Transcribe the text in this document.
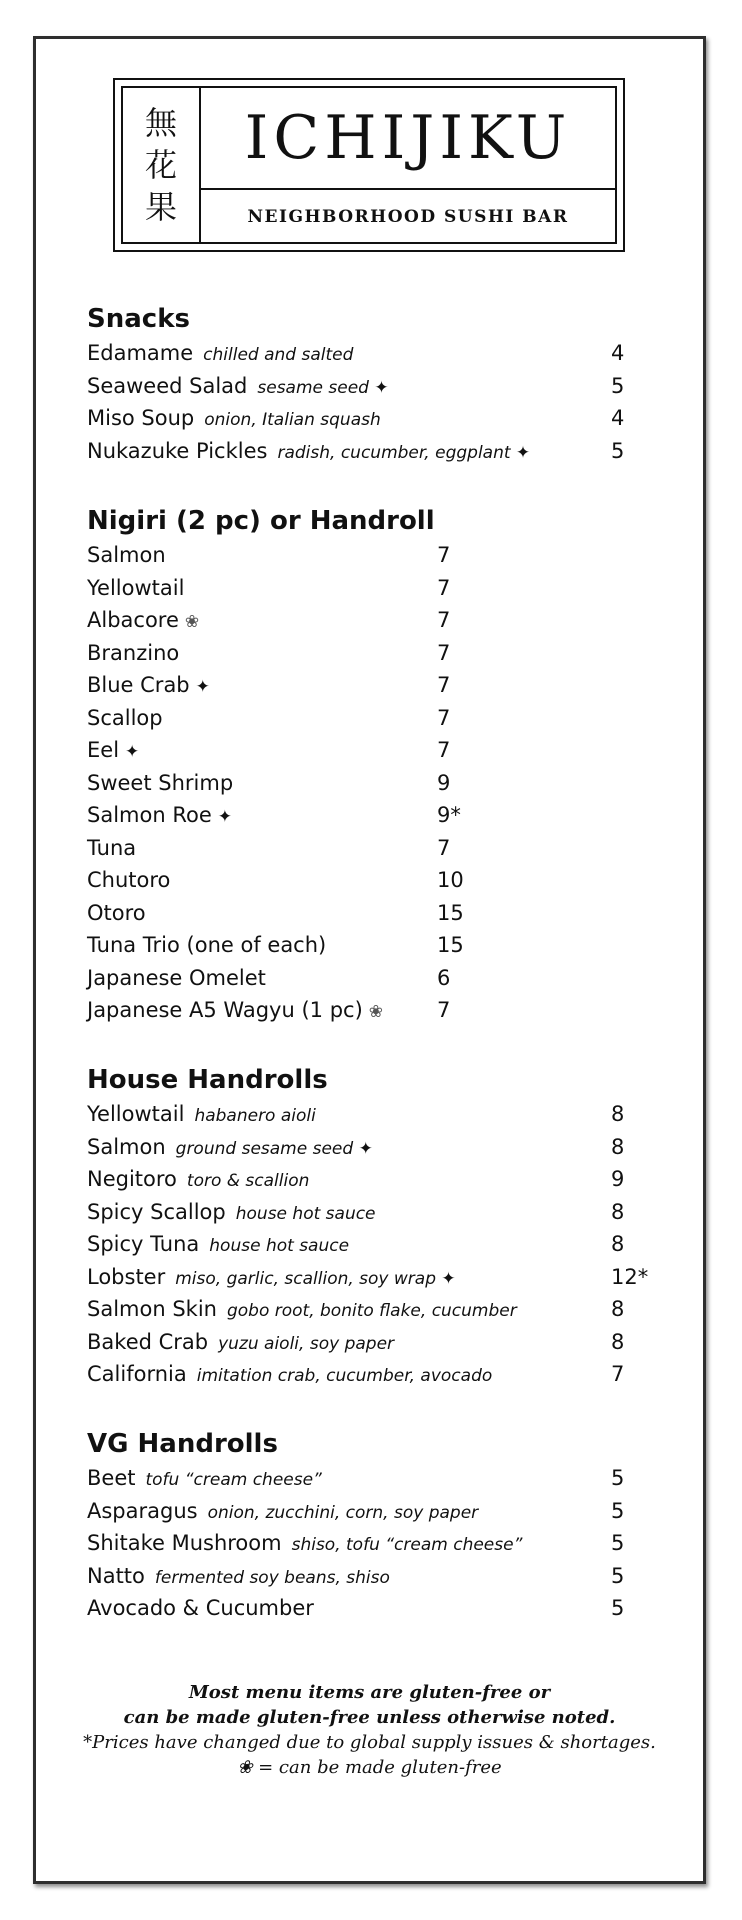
無
花
果
ICHIJIKU
NEIGHBORHOOD SUSHI BAR
Snacks
Edamame chilled and salted	4
Seaweed Salad sesame seed ✦	5
Miso Soup onion, Italian squash	4
Nukazuke Pickles radish, cucumber, eggplant ✦	5
Nigiri (2 pc) or Handroll
Salmon	7
Yellowtail	7
Albacore ❀	7
Branzino	7
Blue Crab ✦	7
Scallop	7
Eel ✦	7
Sweet Shrimp	9
Salmon Roe ✦	9*
Tuna	7
Chutoro	10
Otoro	15
Tuna Trio (one of each)	15
Japanese Omelet	6
Japanese A5 Wagyu (1 pc) ❀	7
House Handrolls
Yellowtail habanero aioli	8
Salmon ground sesame seed ✦	8
Negitoro toro & scallion	9
Spicy Scallop house hot sauce	8
Spicy Tuna house hot sauce	8
Lobster miso, garlic, scallion, soy wrap ✦	12*
Salmon Skin gobo root, bonito flake, cucumber	8
Baked Crab yuzu aioli, soy paper	8
California imitation crab, cucumber, avocado	7
VG Handrolls
Beet tofu “cream cheese”	5
Asparagus onion, zucchini, corn, soy paper	5
Shitake Mushroom shiso, tofu “cream cheese”	5
Natto fermented soy beans, shiso	5
Avocado & Cucumber	5
Most menu items are gluten-free or
can be made gluten-free unless otherwise noted.
*Prices have changed due to global supply issues & shortages.
❀ = can be made gluten-free
